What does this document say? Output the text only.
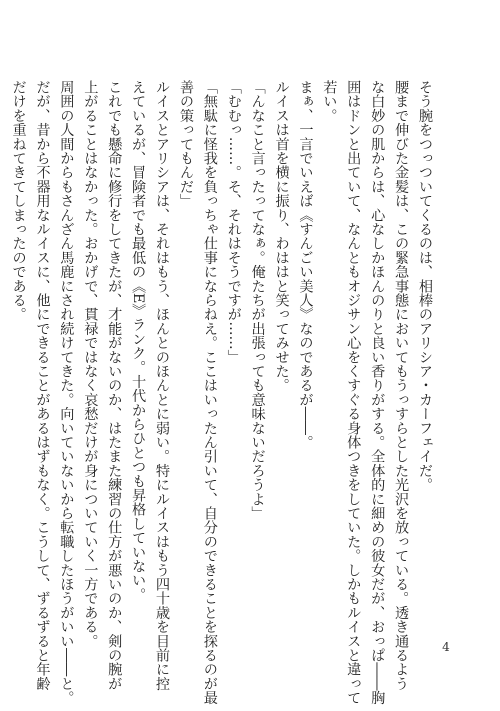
そう腕をつっついてくるのは、相棒のアリシア・カーフェイだ。
腰まで伸びた金髪は、この緊急事態においてもうっすらとした光沢を放っている。透き通るよう
な白妙の肌からは、心なしかほんのりと良い香りがする。全体的に細めの彼女だが、おっぱ――胸
囲はドンと出ていて、なんともオジサン心をくすぐる身体つきをしていた。しかもルイスと違って
若い。
まぁ、一言でいえば《すんごい美人》なのであるが――。
ルイスは首を横に振り、わははと笑ってみせた。
「んなこと言ったってなぁ。俺たちが出張っても意味ないだろうよ」
「むむっ……。そ、それはそうですが……」
「無駄に怪我を負っちゃ仕事にならねえ。ここはいったん引いて、自分のできることを探るのが最
善の策ってもんだ」
ルイスとアリシアは、それはもう、ほんとのほんとに弱い。特にルイスはもう四十歳を目前に控
えているが、冒険者でも最低の《E》ランク。十代からひとつも昇格していない。
これでも懸命に修行をしてきたが、才能がないのか、はたまた練習の仕方が悪いのか、剣の腕が
上がることはなかった。おかげで、貫禄ではなく哀愁だけが身についていく一方である。
周囲の人間からもさんざん馬鹿にされ続けてきた。向いていないから転職したほうがいい――と。
だが、昔から不器用なルイスに、他にできることがあるはずもなく。こうして、ずるずると年齢
だけを重ねてきてしまったのである。
4
